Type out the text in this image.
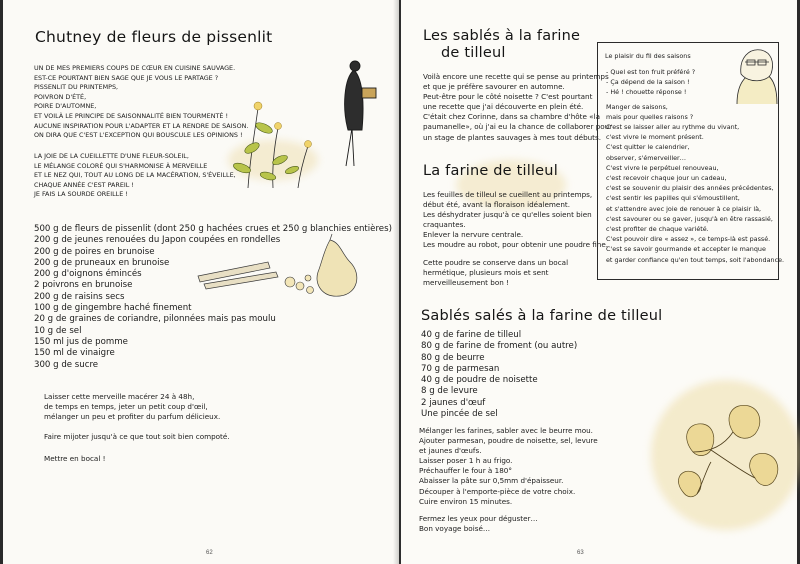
Chutney de fleurs de pissenlit
UN DE MES PREMIERS COUPS DE CŒUR EN CUISINE SAUVAGE.
EST-CE POURTANT BIEN SAGE QUE JE VOUS LE PARTAGE ?
PISSENLIT DU PRINTEMPS,
POIVRON D'ÉTÉ,
POIRE D'AUTOMNE,
ET VOILÀ LE PRINCIPE DE SAISONNALITÉ BIEN TOURMENTÉ !
AUCUNE INSPIRATION POUR L'ADAPTER ET LA RENDRE DE SAISON.
ON DIRA QUE C'EST L'EXCEPTION QUI BOUSCULE LES OPINIONS !
LA JOIE DE LA CUEILLETTE D'UNE FLEUR-SOLEIL,
LE MÉLANGE COLORÉ QUI S'HARMONISE À MERVEILLE
ET LE NEZ QUI, TOUT AU LONG DE LA MACÉRATION, S'ÉVEILLE,
CHAQUE ANNÉE C'EST PAREIL !
JE FAIS LA SOURDE OREILLE !
500 g de fleurs de pissenlit (dont 250 g hachées crues et 250 g blanchies entières)
200 g de jeunes renouées du Japon coupées en rondelles
200 g de poires en brunoise
200 g de pruneaux en brunoise
200 g d'oignons émincés
2 poivrons en brunoise
200 g de raisins secs
100 g de gingembre haché finement
20 g de graines de coriandre, pilonnées mais pas moulu
10 g de sel
150 ml jus de pomme
150 ml de vinaigre
300 g de sucre
Laisser cette merveille macérer 24 à 48h,
de temps en temps, jeter un petit coup d'œil,
mélanger un peu et profiter du parfum délicieux.
Faire mijoter jusqu'à ce que tout soit bien compoté.
Mettre en bocal !
62
Les sablés à la farine
de tilleul
Voilà encore une recette qui se pense au printemps
et que je préfère savourer en automne.
Peut-être pour le côté noisette ? C'est pourtant
une recette que j'ai découverte en plein été.
C'était chez Corinne, dans sa chambre d'hôte «la
paumanelle», où j'ai eu la chance de collaborer pour
un stage de plantes sauvages à mes tout débuts.
La farine de tilleul
Les feuilles de tilleul se cueillent au printemps,
début été, avant la floraison idéalement.
Les déshydrater jusqu'à ce qu'elles soient bien
craquantes.
Enlever la nervure centrale.
Les moudre au robot, pour obtenir une poudre fine.
Cette poudre se conserve dans un bocal
hermétique, plusieurs mois et sent
merveilleusement bon !
Le plaisir du fil des saisons
- Quel est ton fruit préféré ?
- Ça dépend de la saison !
- Hé ! chouette réponse !
Manger de saisons,
mais pour quelles raisons ?
C'est se laisser aller au rythme du vivant,
c'est vivre le moment présent.
C'est quitter le calendrier,
observer, s'émerveiller…
C'est vivre le perpétuel renouveau,
c'est recevoir chaque jour un cadeau,
c'est se souvenir du plaisir des années précédentes,
c'est sentir les papilles qui s'émoustillent,
et s'attendre avec joie de renouer à ce plaisir là,
c'est savourer ou se gaver, jusqu'à en être rassasié,
c'est profiter de chaque variété.
C'est pouvoir dire « assez », ce temps-là est passé.
C'est se savoir gourmande et accepter le manque
et garder confiance qu'en tout temps, soit l'abondance.
Sablés salés à la farine de tilleul
40 g de farine de tilleul
80 g de farine de froment (ou autre)
80 g de beurre
70 g de parmesan
40 g de poudre de noisette
8 g de levure
2 jaunes d'œuf
Une pincée de sel
Mélanger les farines, sabler avec le beurre mou.
Ajouter parmesan, poudre de noisette, sel, levure
et jaunes d'œufs.
Laisser poser 1 h au frigo.
Préchauffer le four à 180°
Abaisser la pâte sur 0,5mm d'épaisseur.
Découper à l'emporte-pièce de votre choix.
Cuire environ 15 minutes.
Fermez les yeux pour déguster…
Bon voyage boisé…
63
